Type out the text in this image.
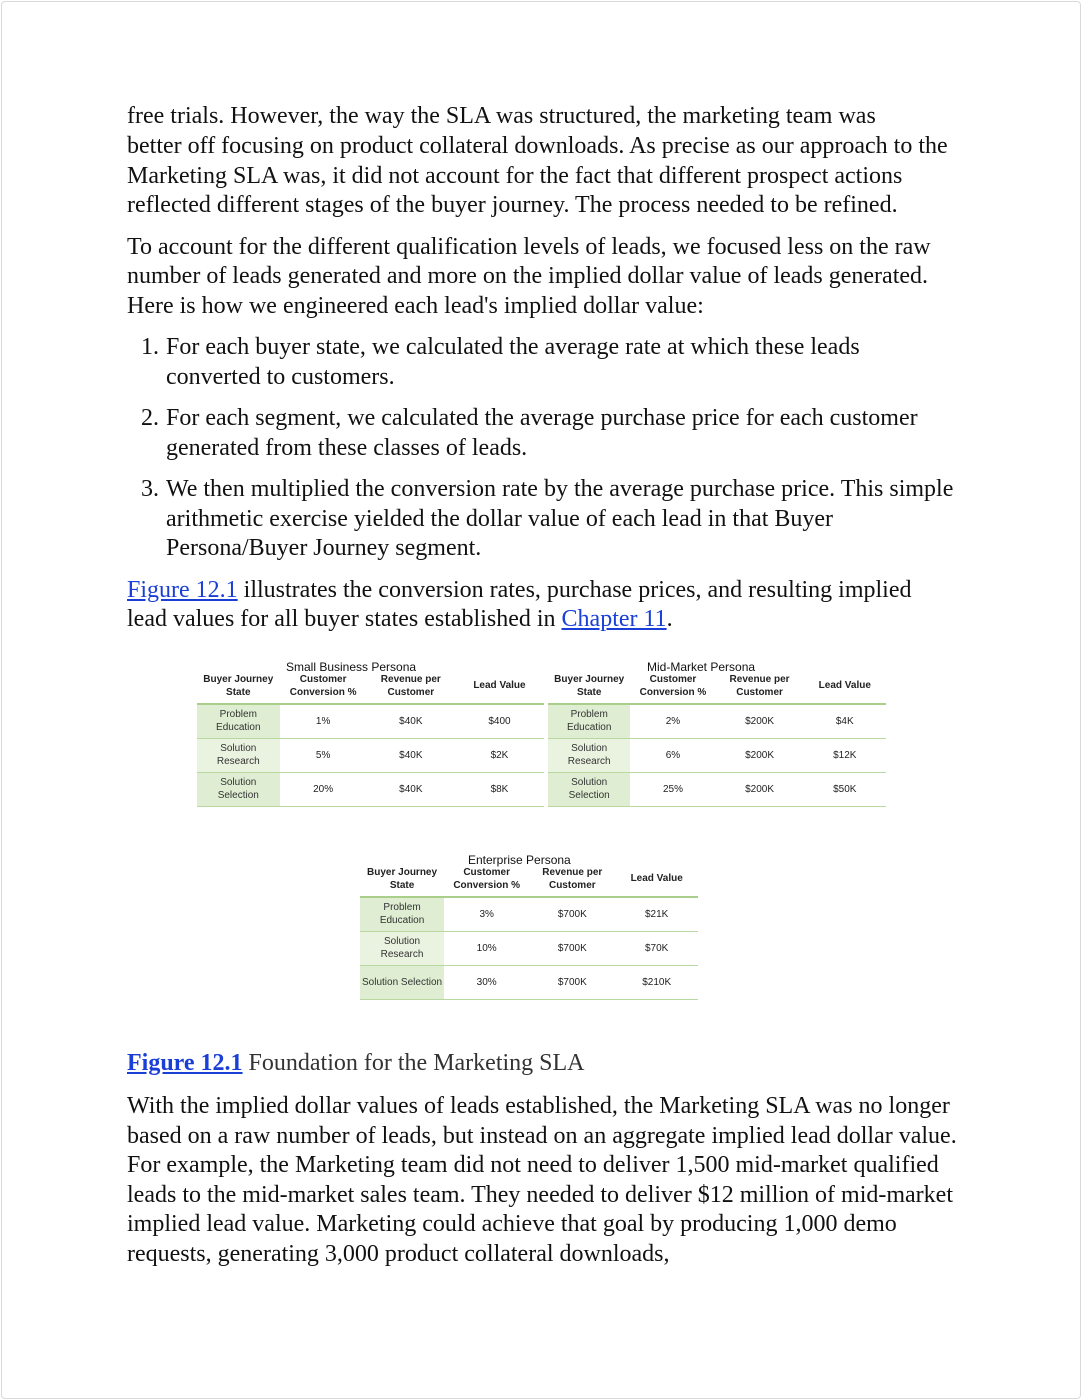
free trials. However, the way the SLA was structured, the marketing team was

better off focusing on product collateral downloads. As precise as our approach to the Marketing SLA was, it did not account for the fact that different prospect actions reflected different stages of the buyer journey. The process needed to be refined.

To account for the different qualification levels of leads, we focused less on the raw number of leads generated and more on the implied dollar value of leads generated. Here is how we engineered each lead's implied dollar value:

1. For each buyer state, we calculated the average rate at which these leads converted to customers.
2. For each segment, we calculated the average purchase price for each customer generated from these classes of leads.
3. We then multiplied the conversion rate by the average purchase price. This simple arithmetic exercise yielded the dollar value of each lead in that Buyer Persona/Buyer Journey segment.

Figure 12.1 illustrates the conversion rates, purchase prices, and resulting implied lead values for all buyer states established in Chapter 11.

Small Business Persona
Buyer Journey State	Customer Conversion %	Revenue per Customer	Lead Value
Problem Education	1%	$40K	$400
Solution Research	5%	$40K	$2K
Solution Selection	20%	$40K	$8K
Mid-Market Persona
Buyer Journey State	Customer Conversion %	Revenue per Customer	Lead Value
Problem Education	2%	$200K	$4K
Solution Research	6%	$200K	$12K
Solution Selection	25%	$200K	$50K
Enterprise Persona
Buyer Journey State	Customer Conversion %	Revenue per Customer	Lead Value
Problem Education	3%	$700K	$21K
Solution Research	10%	$700K	$70K
Solution Selection	30%	$700K	$210K

Figure 12.1 Foundation for the Marketing SLA

With the implied dollar values of leads established, the Marketing SLA was no longer based on a raw number of leads, but instead on an aggregate implied lead dollar value. For example, the Marketing team did not need to deliver 1,500 mid-market qualified leads to the mid-market sales team. They needed to deliver $12 million of mid-market implied lead value. Marketing could achieve that goal by producing 1,000 demo requests, generating 3,000 product collateral downloads,
